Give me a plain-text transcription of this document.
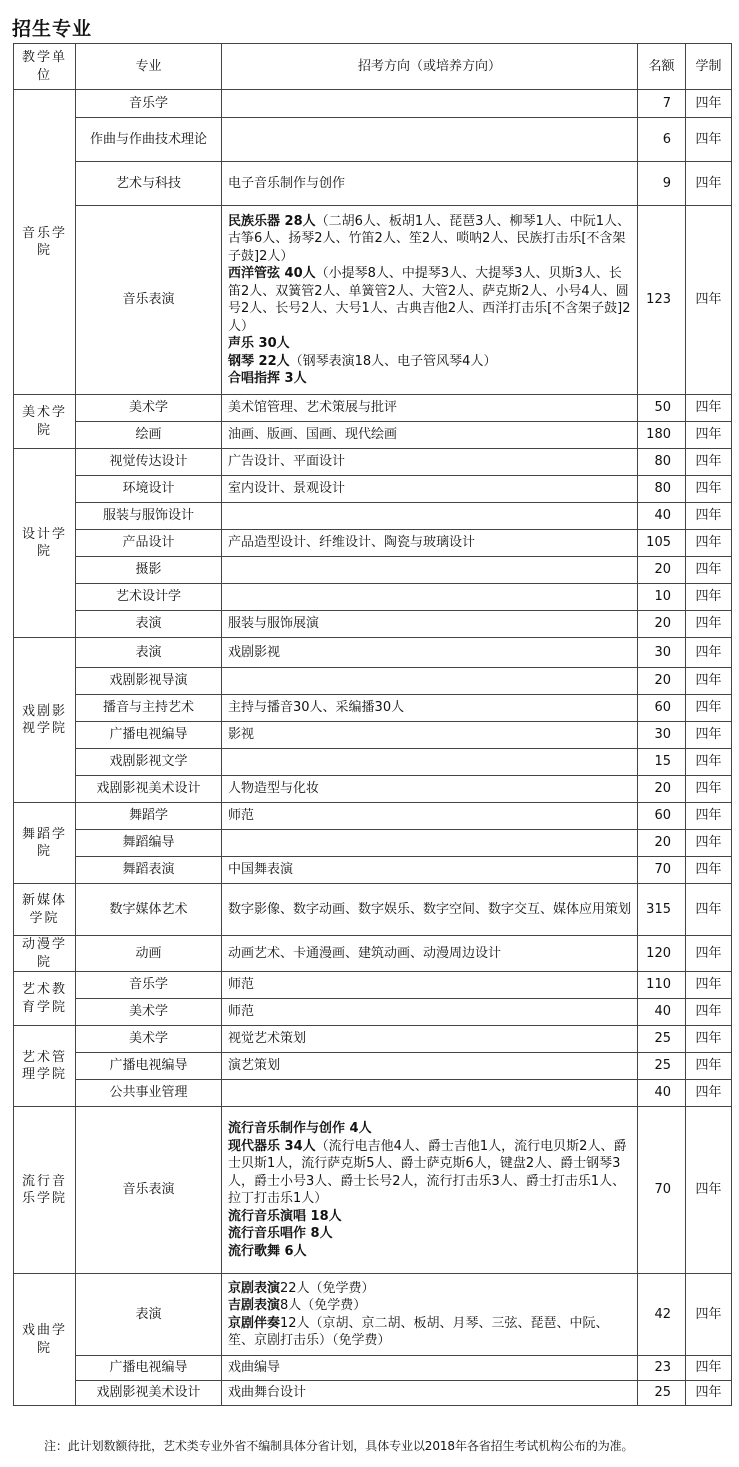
招生专业
教学单位	专业	招考方向（或培养方向）	名额	学制
音乐学院	音乐学		7	四年
	作曲与作曲技术理论		6	四年
	艺术与科技	电子音乐制作与创作	9	四年
	音乐表演	民族乐器 28人（二胡6人、板胡1人、琵琶3人、柳琴1人、中阮1人、古筝6人、扬琴2人、竹笛2人、笙2人、唢呐2人、民族打击乐[不含架子鼓]2人）
西洋管弦 40人（小提琴8人、中提琴3人、大提琴3人、贝斯3人、长笛2人、双簧管2人、单簧管2人、大管2人、萨克斯2人、小号4人、圆号2人、长号2人、大号1人、古典吉他2人、西洋打击乐[不含架子鼓]2人）
声乐 30人
钢琴 22人（钢琴表演18人、电子管风琴4人）
合唱指挥 3人	123	四年
美术学院	美术学	美术馆管理、艺术策展与批评	50	四年
	绘画	油画、版画、国画、现代绘画	180	四年
设计学院	视觉传达设计	广告设计、平面设计	80	四年
	环境设计	室内设计、景观设计	80	四年
	服装与服饰设计		40	四年
	产品设计	产品造型设计、纤维设计、陶瓷与玻璃设计	105	四年
	摄影		20	四年
	艺术设计学		10	四年
	表演	服装与服饰展演	20	四年
戏剧影视学院	表演	戏剧影视	30	四年
	戏剧影视导演		20	四年
	播音与主持艺术	主持与播音30人、采编播30人	60	四年
	广播电视编导	影视	30	四年
	戏剧影视文学		15	四年
	戏剧影视美术设计	人物造型与化妆	20	四年
舞蹈学院	舞蹈学	师范	60	四年
	舞蹈编导		20	四年
	舞蹈表演	中国舞表演	70	四年
新媒体学院	数字媒体艺术	数字影像、数字动画、数字娱乐、数字空间、数字交互、媒体应用策划	315	四年
动漫学院	动画	动画艺术、卡通漫画、建筑动画、动漫周边设计	120	四年
艺术教育学院	音乐学	师范	110	四年
	美术学	师范	40	四年
艺术管理学院	美术学	视觉艺术策划	25	四年
	广播电视编导	演艺策划	25	四年
	公共事业管理		40	四年
流行音乐学院	音乐表演	流行音乐制作与创作 4人
现代器乐 34人（流行电吉他4人、爵士吉他1人，流行电贝斯2人、爵士贝斯1人，流行萨克斯5人、爵士萨克斯6人，键盘2人、爵士钢琴3人，爵士小号3人、爵士长号2人，流行打击乐3人、爵士打击乐1人、拉丁打击乐1人）
流行音乐演唱 18人
流行音乐唱作 8人
流行歌舞 6人	70	四年
戏曲学院	表演	京剧表演22人（免学费）
吉剧表演8人（免学费）
京剧伴奏12人（京胡、京二胡、板胡、月琴、三弦、琵琶、中阮、笙、京剧打击乐）（免学费）	42	四年
	广播电视编导	戏曲编导	23	四年
	戏剧影视美术设计	戏曲舞台设计	25	四年
注：此计划数额待批，艺术类专业外省不编制具体分省计划，具体专业以2018年各省招生考试机构公布的为准。
